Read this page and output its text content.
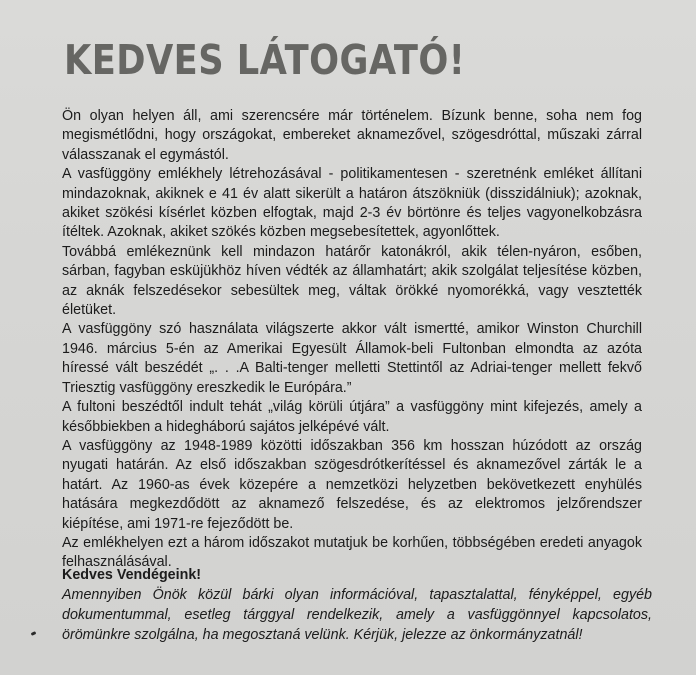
KEDVES LÁTOGATÓ!

Ön olyan helyen áll, ami szerencsére már történelem. Bízunk benne, soha nem fog megismétlődni, hogy országokat, embereket aknamezővel, szögesdróttal, műszaki zárral válasszanak el egymástól.

A vasfüggöny emlékhely létrehozásával - politikamentesen - szeretnénk emléket állítani mindazoknak, akiknek e 41 év alatt sikerült a határon átszökniük (disszidálniuk); azoknak, akiket szökési kísérlet közben elfogtak, majd 2-3 év börtönre és teljes vagyonelkobzásra ítéltek. Azoknak, akiket szökés közben megsebesítettek, agyonlőttek.

Továbbá emlékeznünk kell mindazon határőr katonákról, akik télen-nyáron, esőben, sárban, fagyban esküjükhöz híven védték az államhatárt; akik szolgálat teljesítése közben, az aknák felszedésekor sebesültek meg, váltak örökké nyomorékká, vagy vesztették életüket.

A vasfüggöny szó használata világszerte akkor vált ismertté, amikor Winston Churchill 1946. március 5-én az Amerikai Egyesült Államok-beli Fultonban elmondta az azóta híressé vált beszédét „. . .A Balti-tenger melletti Stettintől az Adriai-tenger mellett fekvő Triesztig vasfüggöny ereszkedik le Európára.”

A fultoni beszédtől indult tehát „világ körüli útjára” a vasfüggöny mint kifejezés, amely a későbbiekben a hidegháború sajátos jelképévé vált.

A vasfüggöny az 1948-1989 közötti időszakban 356 km hosszan húzódott az ország nyugati határán. Az első időszakban szögesdrótkerítéssel és aknamezővel zárták le a határt. Az 1960-as évek közepére a nemzetközi helyzetben bekövetkezett enyhülés hatására megkezdődött az aknamező felszedése, és az elektromos jelzőrendszer kiépítése, ami 1971-re fejeződött be.

Az emlékhelyen ezt a három időszakot mutatjuk be korhűen, többségében eredeti anyagok felhasználásával.

Kedves Vendégeink!

Amennyiben Önök közül bárki olyan információval, tapasztalattal, fényképpel, egyéb dokumentummal, esetleg tárggyal rendelkezik, amely a vasfüggönnyel kapcsolatos, örömünkre szolgálna, ha megosztaná velünk. Kérjük, jelezze az önkormányzatnál!
